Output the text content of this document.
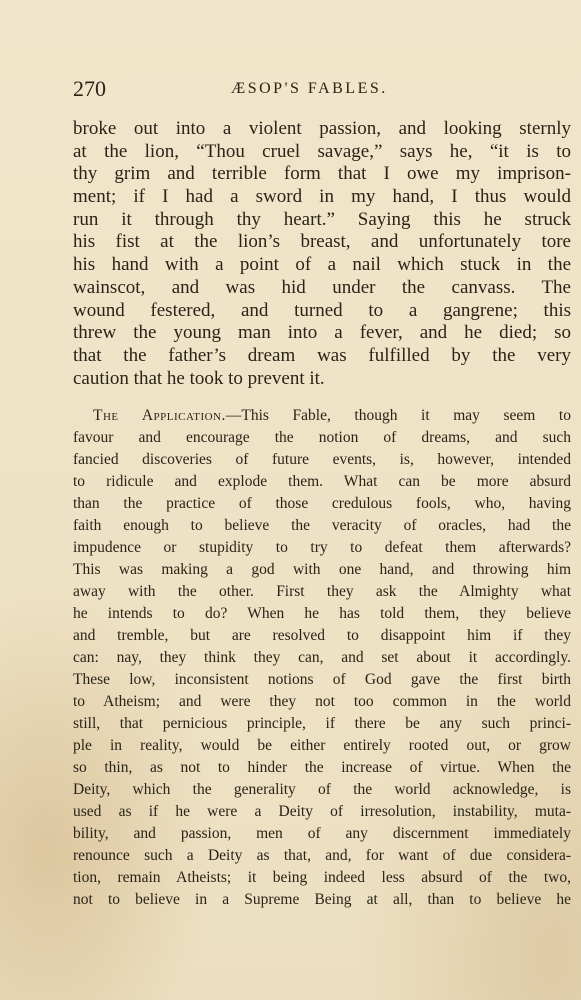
270	ÆSOP'S FABLES.
broke out into a violent passion, and looking sternly
at the lion, “Thou cruel savage,” says he, “it is to
thy grim and terrible form that I owe my imprison-
ment; if I had a sword in my hand, I thus would
run it through thy heart.” Saying this he struck
his fist at the lion’s breast, and unfortunately tore
his hand with a point of a nail which stuck in the
wainscot, and was hid under the canvass. The
wound festered, and turned to a gangrene; this
threw the young man into a fever, and he died; so
that the father’s dream was fulfilled by the very
caution that he took to prevent it.
The Application.—This Fable, though it may seem to
favour and encourage the notion of dreams, and such
fancied discoveries of future events, is, however, intended
to ridicule and explode them. What can be more absurd
than the practice of those credulous fools, who, having
faith enough to believe the veracity of oracles, had the
impudence or stupidity to try to defeat them afterwards?
This was making a god with one hand, and throwing him
away with the other. First they ask the Almighty what
he intends to do? When he has told them, they believe
and tremble, but are resolved to disappoint him if they
can: nay, they think they can, and set about it accordingly.
These low, inconsistent notions of God gave the first birth
to Atheism; and were they not too common in the world
still, that pernicious principle, if there be any such princi-
ple in reality, would be either entirely rooted out, or grow
so thin, as not to hinder the increase of virtue. When the
Deity, which the generality of the world acknowledge, is
used as if he were a Deity of irresolution, instability, muta-
bility, and passion, men of any discernment immediately
renounce such a Deity as that, and, for want of due considera-
tion, remain Atheists; it being indeed less absurd of the two,
not to believe in a Supreme Being at all, than to believe he
